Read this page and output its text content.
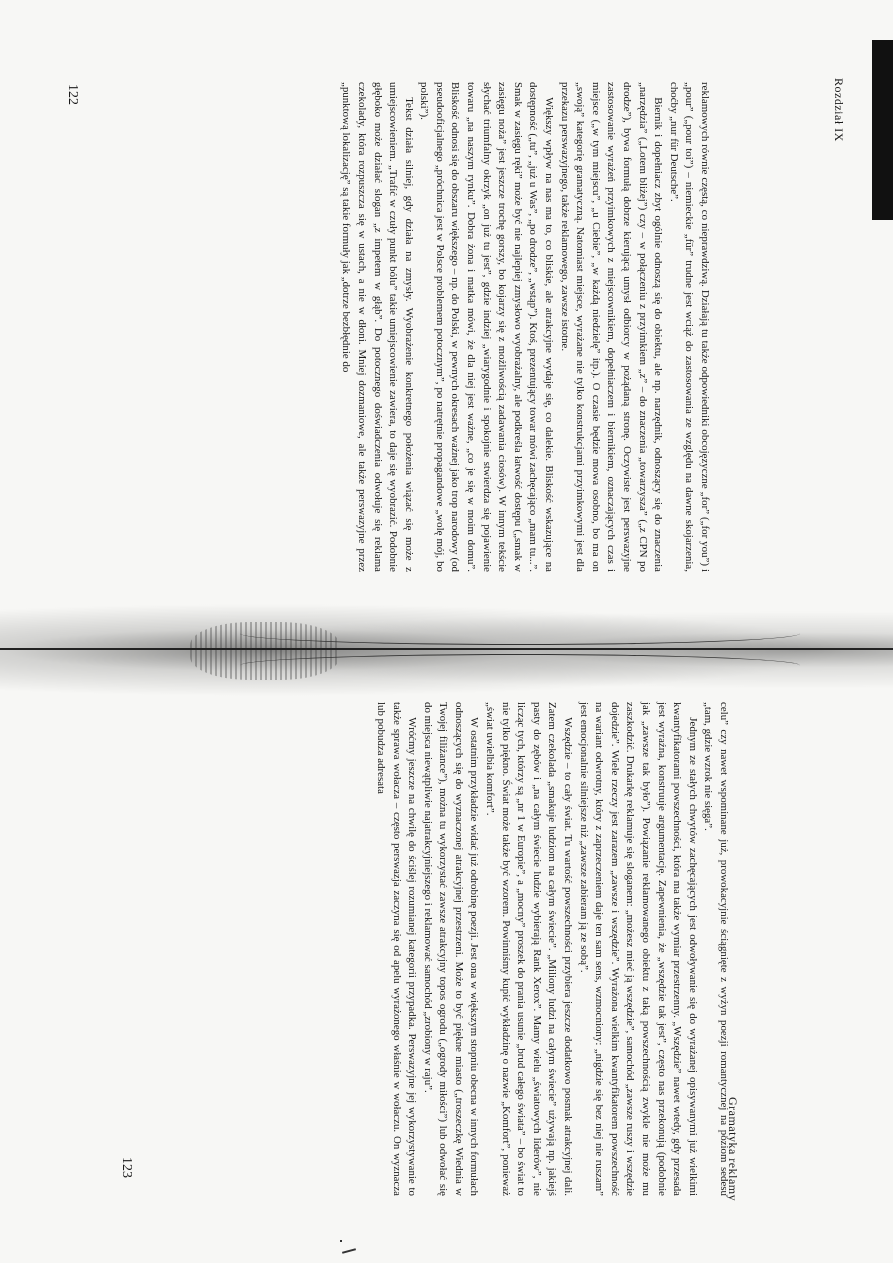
Rozdział IX
122	reklamowych równie częstą, co nieprawdziwą. Działają tu także odpowiedniki obcojęzyczne „for” („for you”) i „pour” („pour toi”) – niemieckie „für” trudne jest wciąż do zastosowania ze względu na dawne skojarzenia, choćby „nur für Deutsche”.

Biernik i dopełniacz zbyt ogólnie odnoszą się do obiektu, ale np. narzędnik, odnoszący się do znaczenia „narzędzia” („Lotem bliżej”) czy – w połączeniu z przyimkiem „z” – do znaczenia „towarzysza” („z CPN po drodze”), bywa formułą dobrze kierującą umysł odbiorcy w pożądaną stronę. Oczywiste jest perswazyjne zastosowanie wyrażeń przyimkowych z miejscownikiem, dopełniaczem i biernikiem, oznaczających czas i miejsce („w tym miejscu”, „u Ciebie”, „w każdą niedzielę” itp.). O czasie będzie mowa osobno, bo ma on „swoją” kategorię gramatyczną. Natomiast miejsce, wyrażane nie tylko konstrukcjami przyimkowymi jest dla przekazu perswazyjnego, także reklamowego, zawsze istotne.

Większy wpływ na nas ma to, co bliskie, ale atrakcyjne wydaje się, co dalekie. Bliskość wskazujące na dostępność („tu”, „już u Was”, „po drodze”, „wstąp”). Ktoś, prezentujący towar mówi zachęcająco „mam tu...”. Smak w zasięgu ręki” może być nie najlepiej zmysłowo wyobrażalny, ale podkreśla łatwość dostępu („smak w zasięgu noża” jest jeszcze trochę gorszy, bo kojarzy się z możliwością zadawania ciosów). W innym tekście słychać triumfalny okrzyk „on już tu jest”, gdzie indziej „wiarygodnie i spokojnie stwierdza się pojawienie towaru „na naszym rynku”. Dobra żona i matka mówi, że dla niej jest ważne, „co je się w moim domu”. Bliskość odnosi się do obszaru większego – np. do Polski, w pewnych okresach ważnej jako trop narodowy (od pseudooficjalnego „próchnica jest w Polsce problemem potocznym”, po natrętnie propagandowe „wolę mój, bo polski”).

Tekst działa silniej, gdy działa na zmysły. Wyobrażenie konkretnego położenia wiązać się może z umiejscowieniem. „Trafić w czuły punkt bólu” takie umiejscowienie zawiera, to daje się wyobrazić. Podobnie głęboko może działać slogan „z impetem w głąb”. Do potocznego doświadczenia odwołuje się reklama czekolady, która rozpuszcza się w ustach, a nie w dłoni. Mniej dozmaniowe, ale także perswazyjne przez „punktową lokalizację” są takie formuły jak „dotrze bezbłędnie do

Gramatyka reklamy
123	celu” czy nawet wspominane już, prowokacyjnie ściągnięte z wyżyn poezji romantycznej na poziom sedesu „tam, gdzie wzrok nie sięga”.

Jednym ze stałych chwytów zachęcających jest odwoływanie się do wyrażanej opisywanymi już wielkimi kwantyfikatorami powszechności, która ma także wymiar przestrzenny. „Wszędzie” nawet wtedy, gdy przesada jest wyraźna, konstruuje argumentację. Zapewnienia, że „wszędzie tak jest”, często nas przekonują (podobnie jak „zawsze tak było”). Powiązanie reklamowanego obiektu z taką powszechnością zwykle nie może mu zaszkodzić. Drukarkę reklamuje się sloganem: „możesz mieć ją wszędzie”, samochód „zawsze ruszy i wszędzie dojedzie”. Wiele rzeczy jest zarazem „zawsze i wszędzie”. Wyrażona wielkim kwantyfikatorem powszechność na wariant odwrotny, który z zaprzeczeniem daje ten sam sens, wzmocniony: „nigdzie się bez niej nie ruszam” jest emocjonalnie silniejsze niż „zawsze zabieram ją ze sobą”.

Wszędzie – to cały świat. Tu wartość powszechności przybiera jeszcze dodatkowo posmak atrakcyjnej dali. Zatem czekolada „smakuje ludziom na całym świecie”. „Miliony ludzi na całym świecie” używają np. jakiejś pasty do zębów i „na całym świecie ludzie wybierają Rank Xerox”. Mamy wielu „światowych liderów”, nie licząc tych, którzy są „nr 1 w Europie”, a „mocny” proszek do prania usunie „brud całego świata” – bo świat to nie tylko piękno. Świat może także być wzorem. Powinniśmy kupić wykładzinę o nazwie „Komfort”, ponieważ „świat uwielbia komfort”.

W ostatnim przykładzie widać już odrobinę poezji. Jest ona w większym stopniu obecna w innych formułach odnoszących się do wyznaczonej atrakcyjnej przestrzeni. Może to być piękne miasto („troszeczkę Wiednia w Twojej filiżance”), można tu wykorzystać zawsze atrakcyjny topos ogrodu („ogrody miłości”) lub odwołać się do miejsca niewątpliwie najatrakcyjniejszego i reklamować samochód „zrobiony w raju”.

Wróćmy jeszcze na chwilę do ściślej rozumianej kategorii przypadka. Perswazyjne jej wykorzystywanie to także sprawa wołacza – często perswazja zaczyna się od apelu wyrażonego właśnie w wołaczu. On wyznacza lub pobudza adresata
